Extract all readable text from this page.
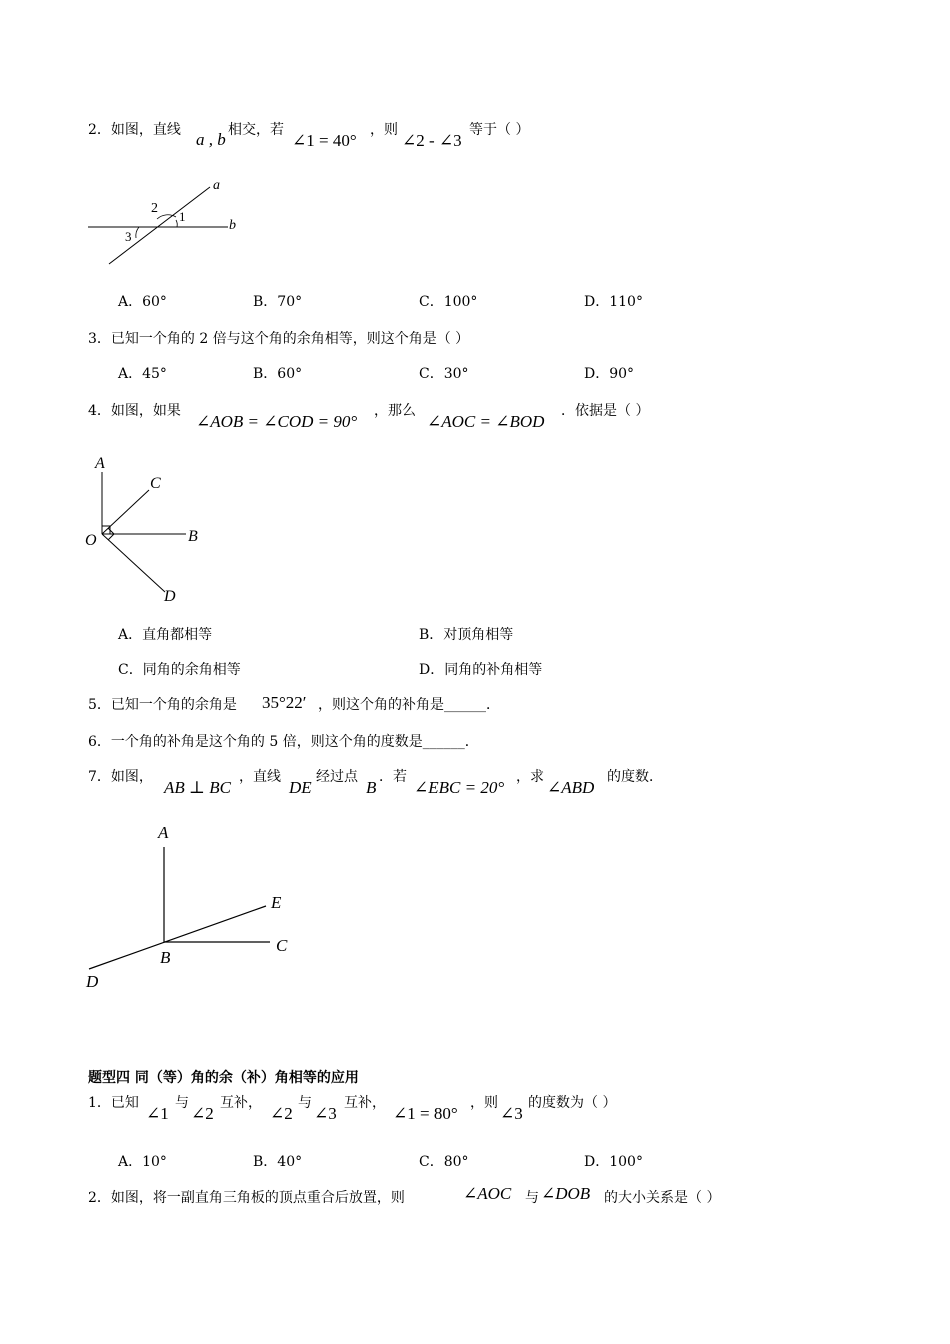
2．如图，直线 a , b 相交，若
∠1 = 40°
，则
∠2 - ∠3
等于（ ）
a
b
1
2
3
A．60°	B．70°	C．100°	D．110°
3．已知一个角的 2 倍与这个角的余角相等，则这个角是（ ）
A．45°	B．60°	C．30°	D．90°
4．如图，如果
∠AOB = ∠COD = 90°
，那么
∠AOC = ∠BOD
．依据是（ ）
A
C
O	B
D
A．直角都相等	B．对顶角相等
C．同角的余角相等	D．同角的补角相等
5．已知一个角的余角是 35°22′ ，则这个角的补角是______．
6．一个角的补角是这个角的 5 倍，则这个角的度数是______．
7．如图，
AB ⊥ BC
，直线
DE
经过点
B
．若
∠EBC = 20°
，求
∠ABD
的度数．
A
E
C
B
D
题型四 同（等）角的余（补）角相等的应用
1．已知
∠1
与
∠2
互补，
∠2
与
∠3
互补，
∠1 = 80°
，则
∠3
的度数为（ ）
A．10°	B．40°	C．80°	D．100°
2．如图，将一副直角三角板的顶点重合后放置，则	∠AOC 与 ∠DOB 的大小关系是（ ）
